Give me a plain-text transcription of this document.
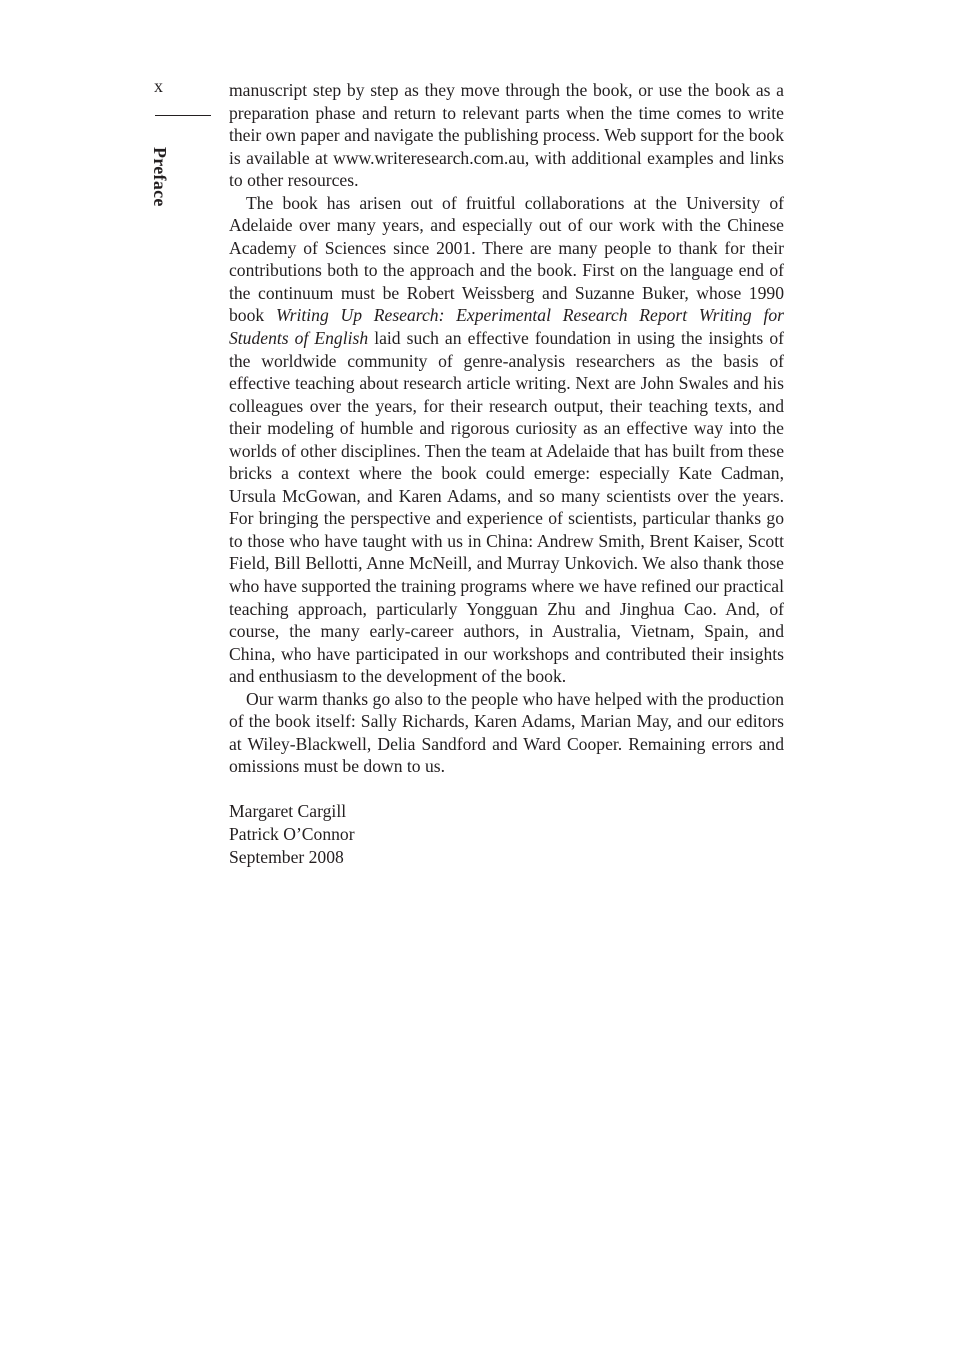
x
Preface

manuscript step by step as they move through the book, or use the book as a preparation phase and return to relevant parts when the time comes to write their own paper and navigate the publishing process. Web support for the book is available at www.writeresearch.com.au, with additional examples and links to other resources.

The book has arisen out of fruitful collaborations at the University of Adelaide over many years, and especially out of our work with the Chinese Academy of Sciences since 2001. There are many people to thank for their contributions both to the approach and the book. First on the language end of the continuum must be Robert Weissberg and Suzanne Buker, whose 1990 book Writing Up Research: Experimental Research Report Writing for Students of English laid such an effective foundation in using the insights of the worldwide community of genre-analysis researchers as the basis of effective teaching about research article writing. Next are John Swales and his colleagues over the years, for their research output, their teaching texts, and their modeling of humble and rigorous curiosity as an effective way into the worlds of other disciplines. Then the team at Adelaide that has built from these bricks a context where the book could emerge: especially Kate Cadman, Ursula McGowan, and Karen Adams, and so many scientists over the years. For bringing the perspective and experience of scientists, particular thanks go to those who have taught with us in China: Andrew Smith, Brent Kaiser, Scott Field, Bill Bellotti, Anne McNeill, and Murray Unkovich. We also thank those who have supported the training programs where we have refined our practical teaching approach, particularly Yongguan Zhu and Jinghua Cao. And, of course, the many early-career authors, in Australia, Vietnam, Spain, and China, who have participated in our workshops and contributed their insights and enthusiasm to the development of the book.

Our warm thanks go also to the people who have helped with the production of the book itself: Sally Richards, Karen Adams, Marian May, and our editors at Wiley-Blackwell, Delia Sandford and Ward Cooper. Remaining errors and omissions must be down to us.

Margaret Cargill
Patrick O’Connor
September 2008
